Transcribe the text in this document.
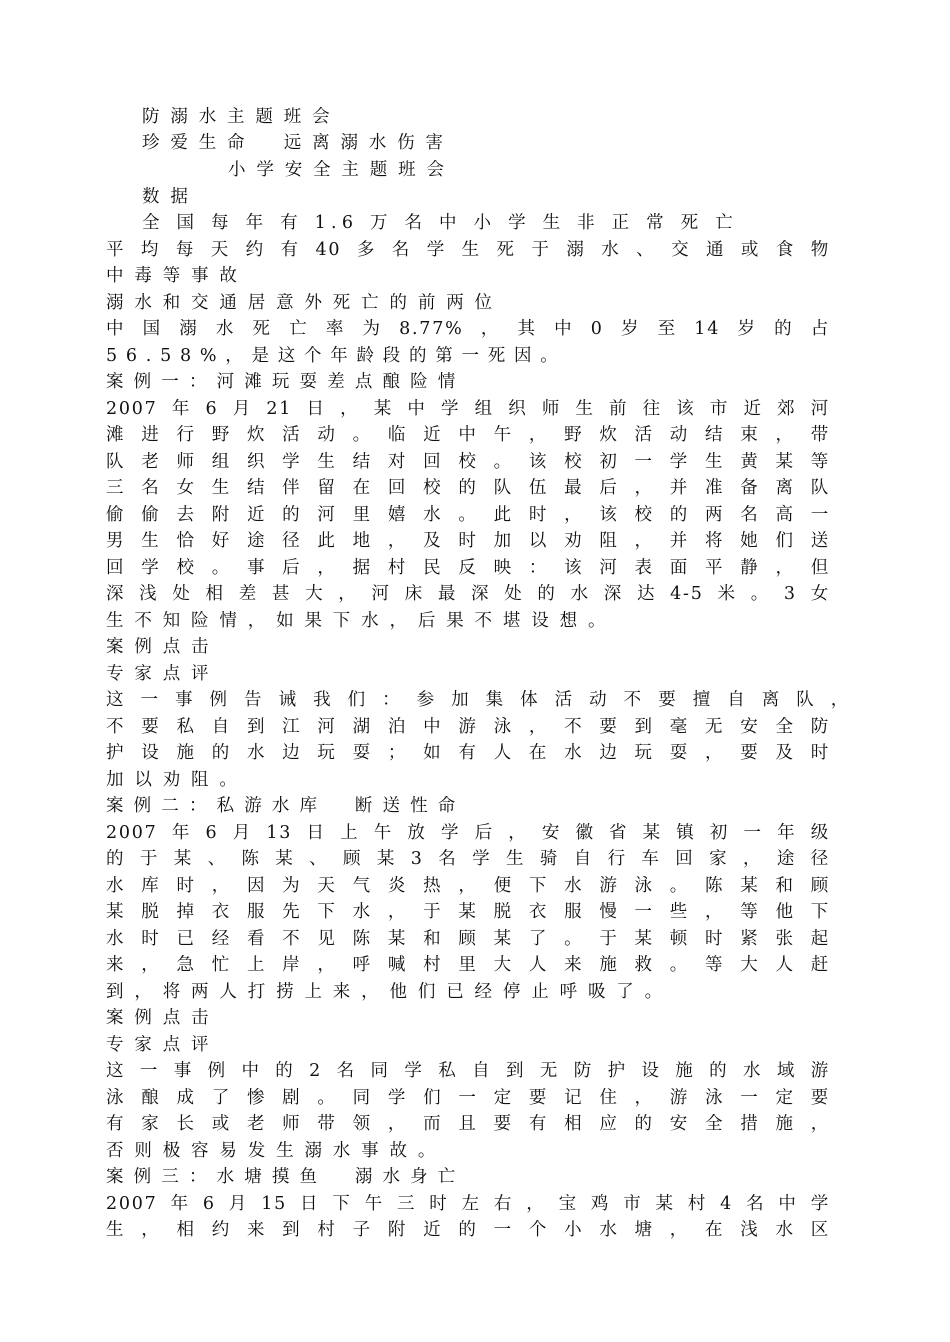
防溺水主题班会
珍爱生命　远离溺水伤害
小学安全主题班会
数据
全国每年有1.6万名中小学生非正常死亡
平均每天约有40多名学生死于溺水、交通或食物
中毒等事故
溺水和交通居意外死亡的前两位
中国溺水死亡率为8.77%，其中0岁至14岁的占
56.58%，是这个年龄段的第一死因。
案例一：河滩玩耍差点酿险情
2007年6月21日，某中学组织师生前往该市近郊河
滩进行野炊活动。临近中午，野炊活动结束，带
队老师组织学生结对回校。该校初一学生黄某等
三名女生结伴留在回校的队伍最后，并准备离队
偷偷去附近的河里嬉水。此时，该校的两名高一
男生恰好途径此地，及时加以劝阻，并将她们送
回学校。事后，据村民反映：该河表面平静，但
深浅处相差甚大，河床最深处的水深达4-5米。3女
生不知险情，如果下水，后果不堪设想。
案例点击
专家点评
这一事例告诫我们：参加集体活动不要擅自离队，
不要私自到江河湖泊中游泳，不要到毫无安全防
护设施的水边玩耍；如有人在水边玩耍，要及时
加以劝阻。
案例二：私游水库　断送性命
2007年6月13日上午放学后，安徽省某镇初一年级
的于某、陈某、顾某3名学生骑自行车回家，途径
水库时，因为天气炎热，便下水游泳。陈某和顾
某脱掉衣服先下水，于某脱衣服慢一些，等他下
水时已经看不见陈某和顾某了。于某顿时紧张起
来，急忙上岸，呼喊村里大人来施救。等大人赶
到，将两人打捞上来，他们已经停止呼吸了。
案例点击
专家点评
这一事例中的2名同学私自到无防护设施的水域游
泳酿成了惨剧。同学们一定要记住，游泳一定要
有家长或老师带领，而且要有相应的安全措施，
否则极容易发生溺水事故。
案例三：水塘摸鱼　溺水身亡
2007年6月15日下午三时左右，宝鸡市某村4名中学
生，相约来到村子附近的一个小水塘，在浅水区
